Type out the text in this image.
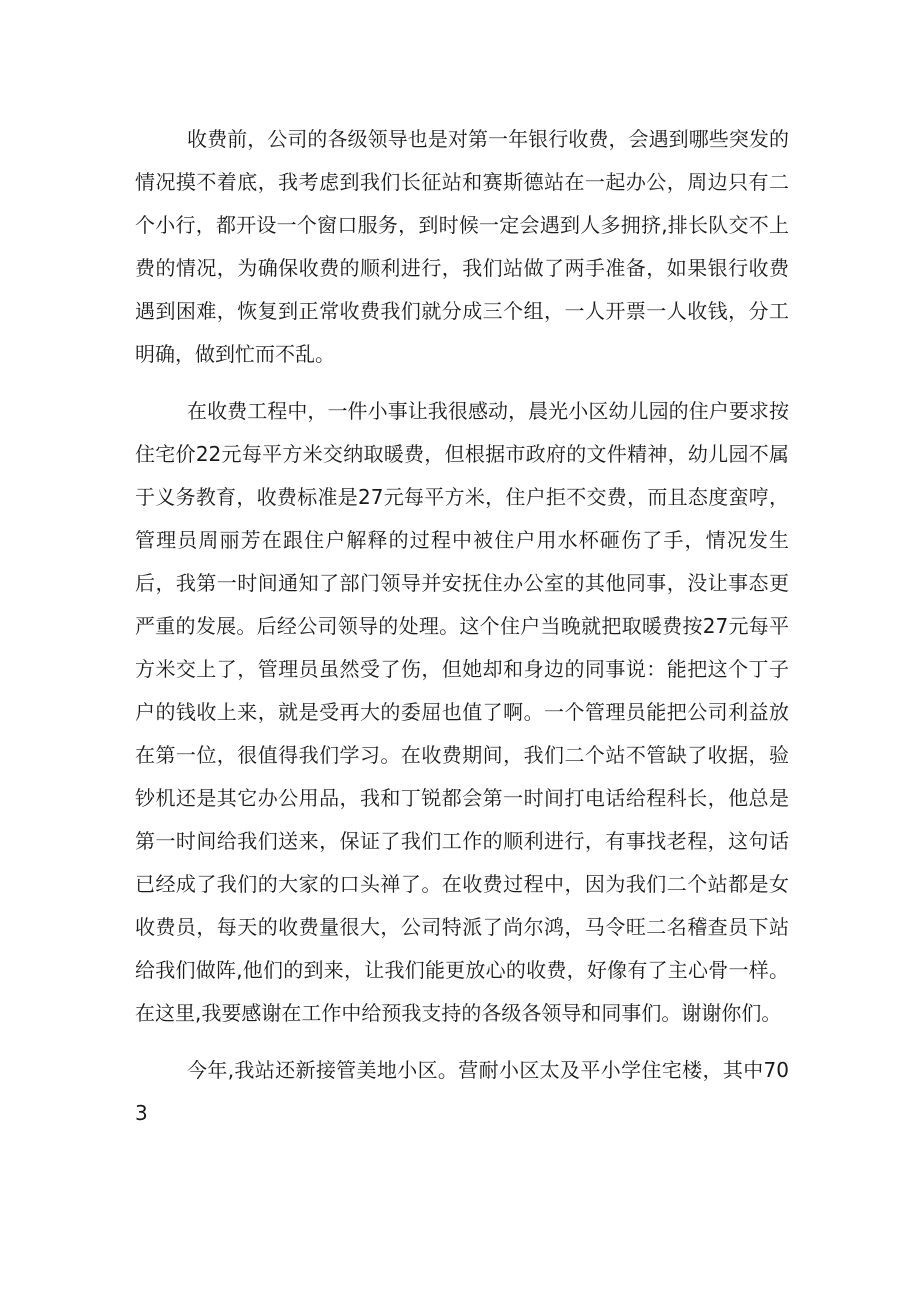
收费前，公司的各级领导也是对第一年银行收费，会遇到哪些突发的情况摸不着底，我考虑到我们长征站和赛斯德站在一起办公，周边只有二个小行，都开设一个窗口服务，到时候一定会遇到人多拥挤,排长队交不上费的情况，为确保收费的顺利进行，我们站做了两手准备，如果银行收费遇到困难，恢复到正常收费我们就分成三个组，一人开票一人收钱，分工明确，做到忙而不乱。

在收费工程中，一件小事让我很感动，晨光小区幼儿园的住户要求按住宅价22元每平方米交纳取暖费，但根据市政府的文件精神，幼儿园不属于义务教育，收费标准是27元每平方米，住户拒不交费，而且态度蛮哼，管理员周丽芳在跟住户解释的过程中被住户用水杯砸伤了手，情况发生后，我第一时间通知了部门领导并安抚住办公室的其他同事，没让事态更严重的发展。后经公司领导的处理。这个住户当晚就把取暖费按27元每平方米交上了，管理员虽然受了伤，但她却和身边的同事说：能把这个丁子户的钱收上来，就是受再大的委屈也值了啊。一个管理员能把公司利益放在第一位，很值得我们学习。在收费期间，我们二个站不管缺了收据，验钞机还是其它办公用品，我和丁锐都会第一时间打电话给程科长，他总是第一时间给我们送来，保证了我们工作的顺利进行，有事找老程，这句话已经成了我们的大家的口头禅了。在收费过程中，因为我们二个站都是女收费员，每天的收费量很大，公司特派了尚尔鸿，马令旺二名稽查员下站给我们做阵,他们的到来，让我们能更放心的收费，好像有了主心骨一样。在这里,我要感谢在工作中给预我支持的各级各领导和同事们。谢谢你们。

今年,我站还新接管美地小区。营耐小区太及平小学住宅楼，其中703
